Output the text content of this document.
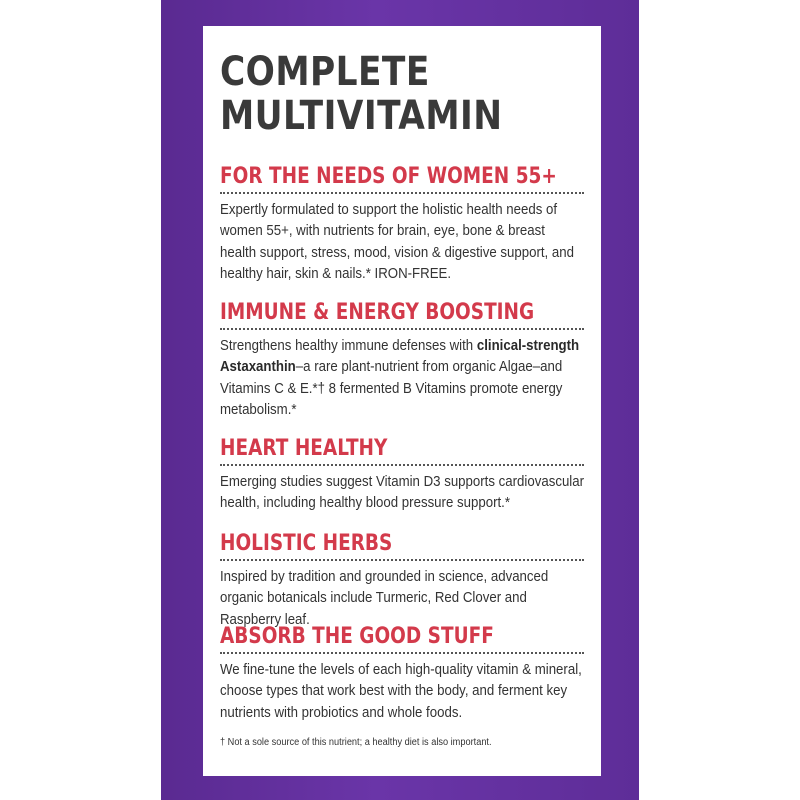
COMPLETE
MULTIVITAMIN
FOR THE NEEDS OF WOMEN 55+
Expertly formulated to support the holistic health needs of women 55+, with nutrients for brain, eye, bone & breast health support, stress, mood, vision & digestive support, and healthy hair, skin & nails.* IRON-FREE.
IMMUNE & ENERGY BOOSTING
Strengthens healthy immune defenses with clinical-strength Astaxanthin–a rare plant-nutrient from organic Algae–and Vitamins C & E.*† 8 fermented B Vitamins promote energy metabolism.*
HEART HEALTHY
Emerging studies suggest Vitamin D3 supports cardiovascular health, including healthy blood pressure support.*
HOLISTIC HERBS
Inspired by tradition and grounded in science, advanced organic botanicals include Turmeric, Red Clover and Raspberry leaf.
ABSORB THE GOOD STUFF
We fine-tune the levels of each high-quality vitamin & mineral, choose types that work best with the body, and ferment key nutrients with probiotics and whole foods.
† Not a sole source of this nutrient; a healthy diet is also important.
